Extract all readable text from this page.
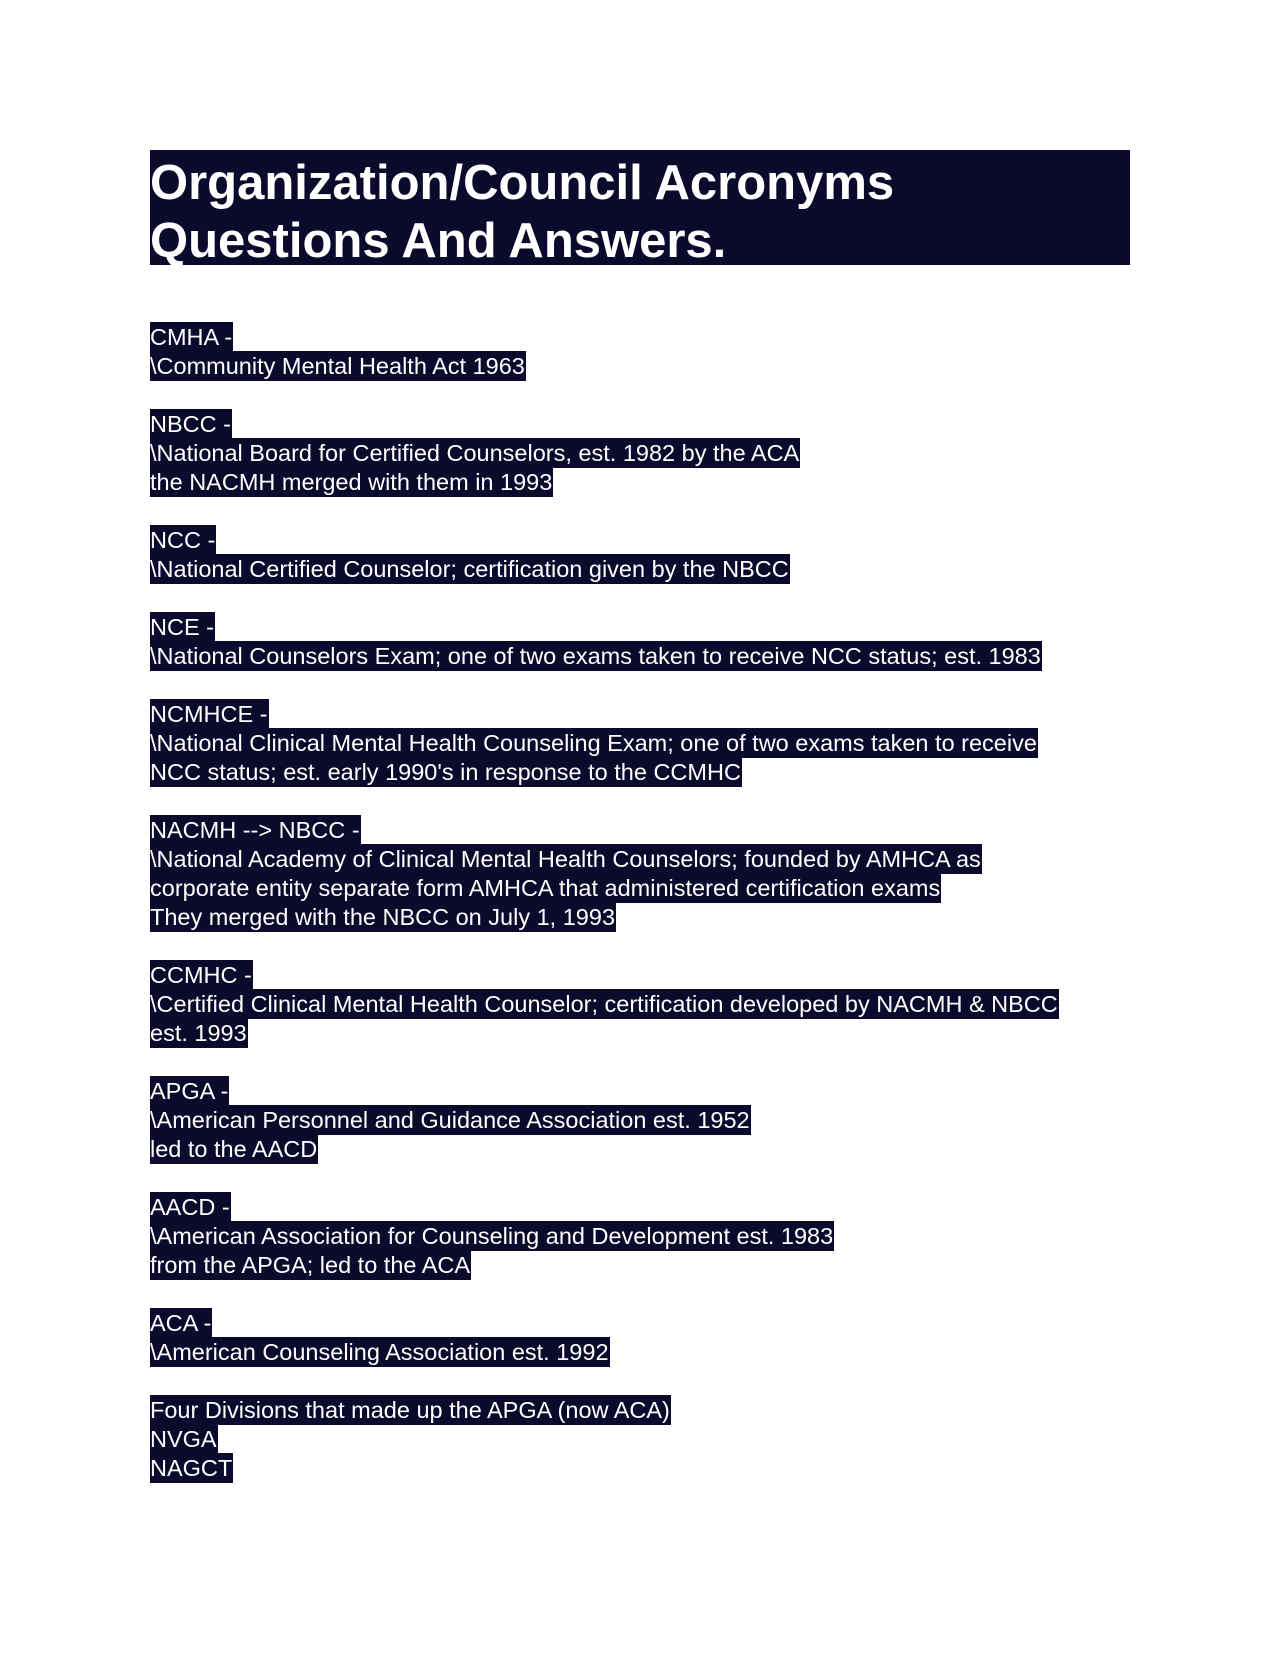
Organization/Council Acronyms
Questions And Answers.
CMHA -
\Community Mental Health Act 1963
NBCC -
\National Board for Certified Counselors, est. 1982 by the ACA
the NACMH merged with them in 1993
NCC -
\National Certified Counselor; certification given by the NBCC
NCE -
\National Counselors Exam; one of two exams taken to receive NCC status; est. 1983
NCMHCE -
\National Clinical Mental Health Counseling Exam; one of two exams taken to receive
NCC status; est. early 1990's in response to the CCMHC
NACMH --> NBCC -
\National Academy of Clinical Mental Health Counselors; founded by AMHCA as
corporate entity separate form AMHCA that administered certification exams
They merged with the NBCC on July 1, 1993
CCMHC -
\Certified Clinical Mental Health Counselor; certification developed by NACMH & NBCC
est. 1993
APGA -
\American Personnel and Guidance Association est. 1952
led to the AACD
AACD -
\American Association for Counseling and Development est. 1983
from the APGA; led to the ACA
ACA -
\American Counseling Association est. 1992
Four Divisions that made up the APGA (now ACA)
NVGA
NAGCT
